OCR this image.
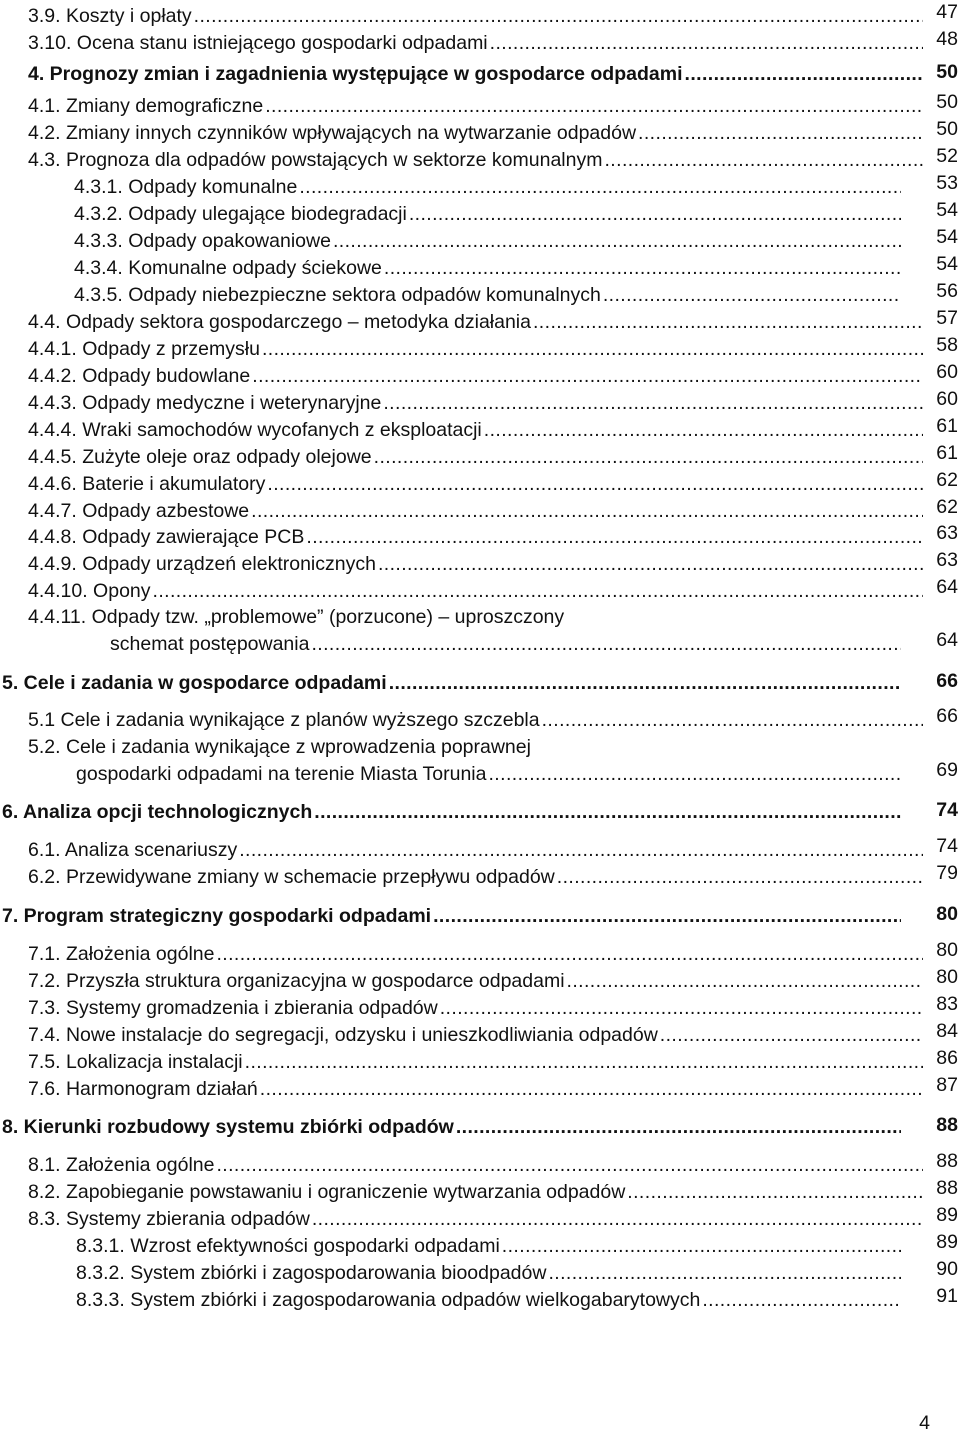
3.9. Koszty i opłaty .....	47
3.10. Ocena stanu istniejącego gospodarki odpadami .....	48
4. Prognozy zmian i zagadnienia występujące w gospodarce odpadami .....	50
4.1. Zmiany demograficzne .....	50
4.2. Zmiany innych czynników wpływających na wytwarzanie odpadów .....	50
4.3. Prognoza dla odpadów powstających w sektorze komunalnym .....	52
4.3.1. Odpady komunalne .....	53
4.3.2. Odpady ulegające biodegradacji .....	54
4.3.3. Odpady opakowaniowe .....	54
4.3.4. Komunalne odpady ściekowe .....	54
4.3.5. Odpady niebezpieczne sektora odpadów komunalnych .....	56
4.4. Odpady sektora gospodarczego – metodyka działania .....	57
4.4.1. Odpady z przemysłu .....	58
4.4.2. Odpady budowlane .....	60
4.4.3. Odpady medyczne i weterynaryjne .....	60
4.4.4. Wraki samochodów wycofanych z eksploatacji .....	61
4.4.5. Zużyte oleje oraz odpady olejowe .....	61
4.4.6. Baterie i akumulatory .....	62
4.4.7. Odpady azbestowe .....	62
4.4.8. Odpady zawierające PCB .....	63
4.4.9. Odpady urządzeń elektronicznych .....	63
4.4.10. Opony .....	64
4.4.11. Odpady tzw. „problemowe” (porzucone) – uproszczony
schemat postępowania .....	64
5. Cele i zadania w gospodarce odpadami .....	66
5.1 Cele i zadania wynikające z planów wyższego szczebla .....	66
5.2. Cele i zadania wynikające z wprowadzenia poprawnej
gospodarki odpadami na terenie Miasta Torunia .....	69
6. Analiza opcji technologicznych .....	74
6.1. Analiza scenariuszy .....	74
6.2. Przewidywane zmiany w schemacie przepływu odpadów .....	79
7. Program strategiczny gospodarki odpadami .....	80
7.1. Założenia ogólne .....	80
7.2. Przyszła struktura organizacyjna w gospodarce odpadami .....	80
7.3. Systemy gromadzenia i zbierania odpadów .....	83
7.4. Nowe instalacje do segregacji, odzysku i unieszkodliwiania odpadów .....	84
7.5. Lokalizacja instalacji .....	86
7.6. Harmonogram działań .....	87
8. Kierunki rozbudowy systemu zbiórki odpadów .....	88
8.1. Założenia ogólne .....	88
8.2. Zapobieganie powstawaniu i ograniczenie wytwarzania odpadów .....	88
8.3. Systemy zbierania odpadów .....	89
8.3.1. Wzrost efektywności gospodarki odpadami .....	89
8.3.2. System zbiórki i zagospodarowania bioodpadów .....	90
8.3.3. System zbiórki i zagospodarowania odpadów wielkogabarytowych .....	91
4
